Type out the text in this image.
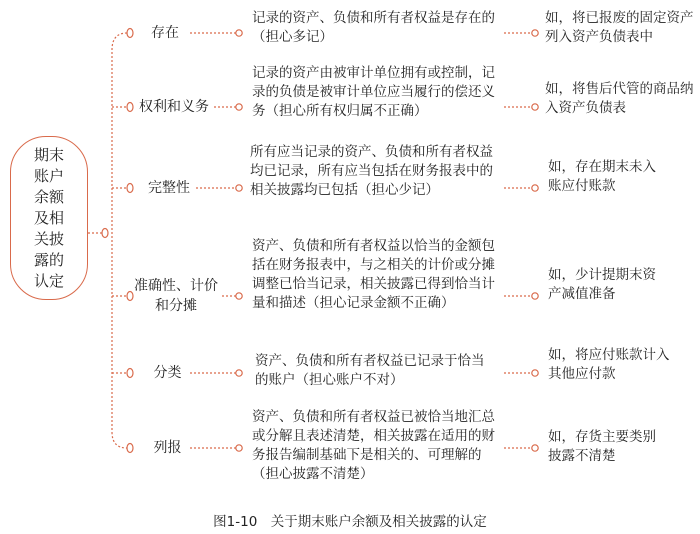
期末账户余额及相关披露的认定
存在
记录的资产、负债和所有者权益是存在的（担心多记）
如，将已报废的固定资产列入资产负债表中
权利和义务
记录的资产由被审计单位拥有或控制，记录的负债是被审计单位应当履行的偿还义务（担心所有权归属不正确）
如，将售后代管的商品纳入资产负债表
完整性
所有应当记录的资产、负债和所有者权益均已记录，所有应当包括在财务报表中的相关披露均已包括（担心少记）
如，存在期末未入账应付账款
准确性、计价和分摊
资产、负债和所有者权益以恰当的金额包括在财务报表中，与之相关的计价或分摊调整已恰当记录，相关披露已得到恰当计量和描述（担心记录金额不正确）
如，少计提期末资产减值准备
分类
资产、负债和所有者权益已记录于恰当的账户（担心账户不对）
如，将应付账款计入其他应付款
列报
资产、负债和所有者权益已被恰当地汇总或分解且表述清楚，相关披露在适用的财务报告编制基础下是相关的、可理解的（担心披露不清楚）
如，存货主要类别披露不清楚
图1-10　关于期末账户余额及相关披露的认定
